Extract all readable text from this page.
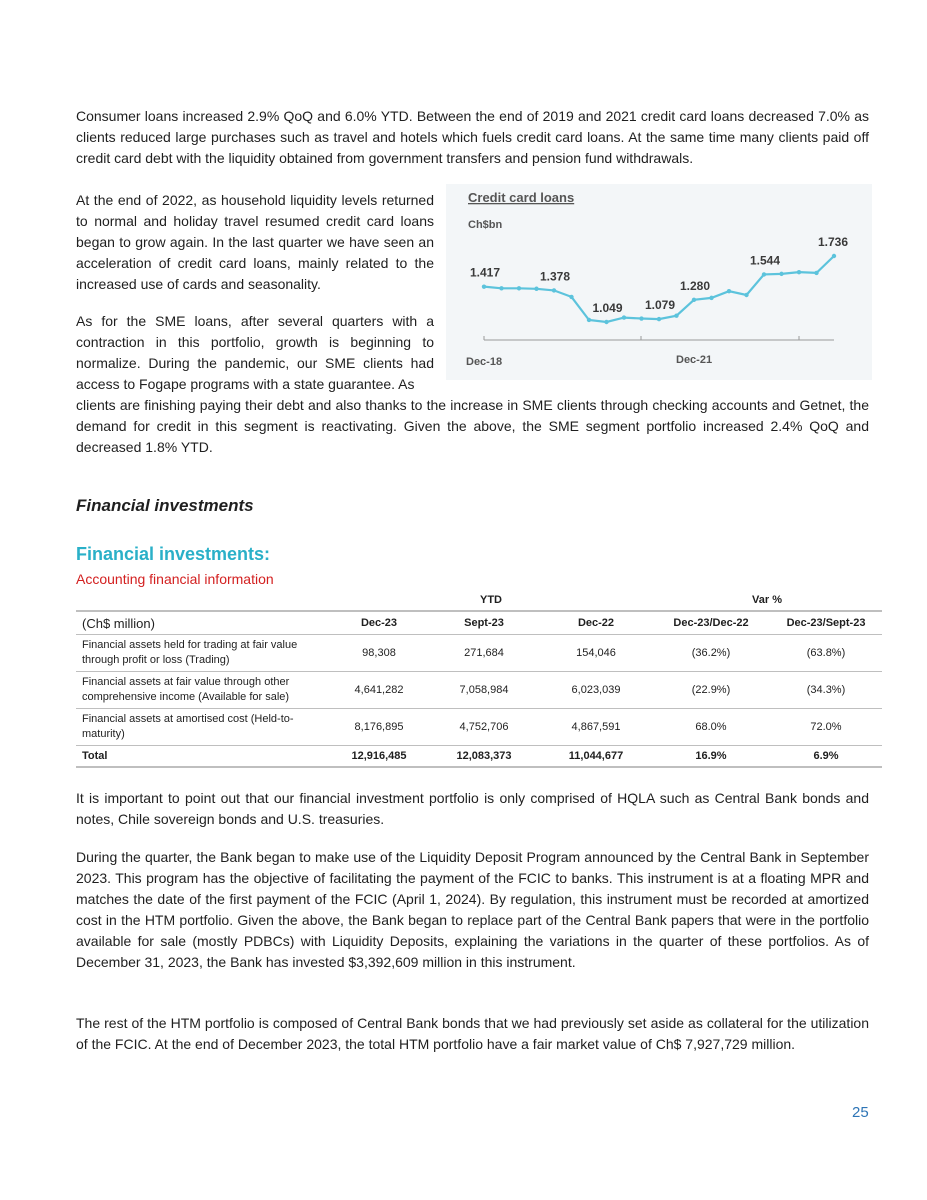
Consumer loans increased 2.9% QoQ and 6.0% YTD. Between the end of 2019 and 2021 credit card loans decreased 7.0% as clients reduced large purchases such as travel and hotels which fuels credit card loans. At the same time many clients paid off credit card debt with the liquidity obtained from government transfers and pension fund withdrawals.

At the end of 2022, as household liquidity levels returned to normal and holiday travel resumed credit card loans began to grow again. In the last quarter we have seen an acceleration of credit card loans, mainly related to the increased use of cards and seasonality.

As for the SME loans, after several quarters with a contraction in this portfolio, growth is beginning to normalize. During the pandemic, our SME clients had access to Fogape programs with a state guarantee. As

clients are finishing paying their debt and also thanks to the increase in SME clients through checking accounts and Getnet, the demand for credit in this segment is reactivating. Given the above, the SME segment portfolio increased 2.4% QoQ and decreased 1.8% YTD.

Credit card loans
Ch$bn
Dec-18	Dec-21
1.417	1.378
1.049 1.079
1.280
1.544
1.736
Financial investments
Financial investments:
Accounting financial information
	YTD			Var %	
(Ch$ million)	Dec-23	Sept-23	Dec-22	Dec-23/Dec-22	Dec-23/Sept-23
Financial assets held for trading at fair value through profit or loss (Trading)	98,308	271,684	154,046	(36.2%)	(63.8%)
Financial assets at fair value through other comprehensive income (Available for sale)	4,641,282	7,058,984	6,023,039	(22.9%)	(34.3%)
Financial assets at amortised cost (Held-to-maturity)	8,176,895	4,752,706	4,867,591	68.0%	72.0%
Total	12,916,485	12,083,373	11,044,677	16.9%	6.9%

It is important to point out that our financial investment portfolio is only comprised of HQLA such as Central Bank bonds and notes, Chile sovereign bonds and U.S. treasuries.

During the quarter, the Bank began to make use of the Liquidity Deposit Program announced by the Central Bank in September 2023. This program has the objective of facilitating the payment of the FCIC to banks. This instrument is at a floating MPR and matches the date of the first payment of the FCIC (April 1, 2024). By regulation, this instrument must be recorded at amortized cost in the HTM portfolio. Given the above, the Bank began to replace part of the Central Bank papers that were in the portfolio available for sale (mostly PDBCs) with Liquidity Deposits, explaining the variations in the quarter of these portfolios. As of December 31, 2023, the Bank has invested $3,392,609 million in this instrument.

The rest of the HTM portfolio is composed of Central Bank bonds that we had previously set aside as collateral for the utilization of the FCIC. At the end of December 2023, the total HTM portfolio have a fair market value of Ch$ 7,927,729 million.

25
